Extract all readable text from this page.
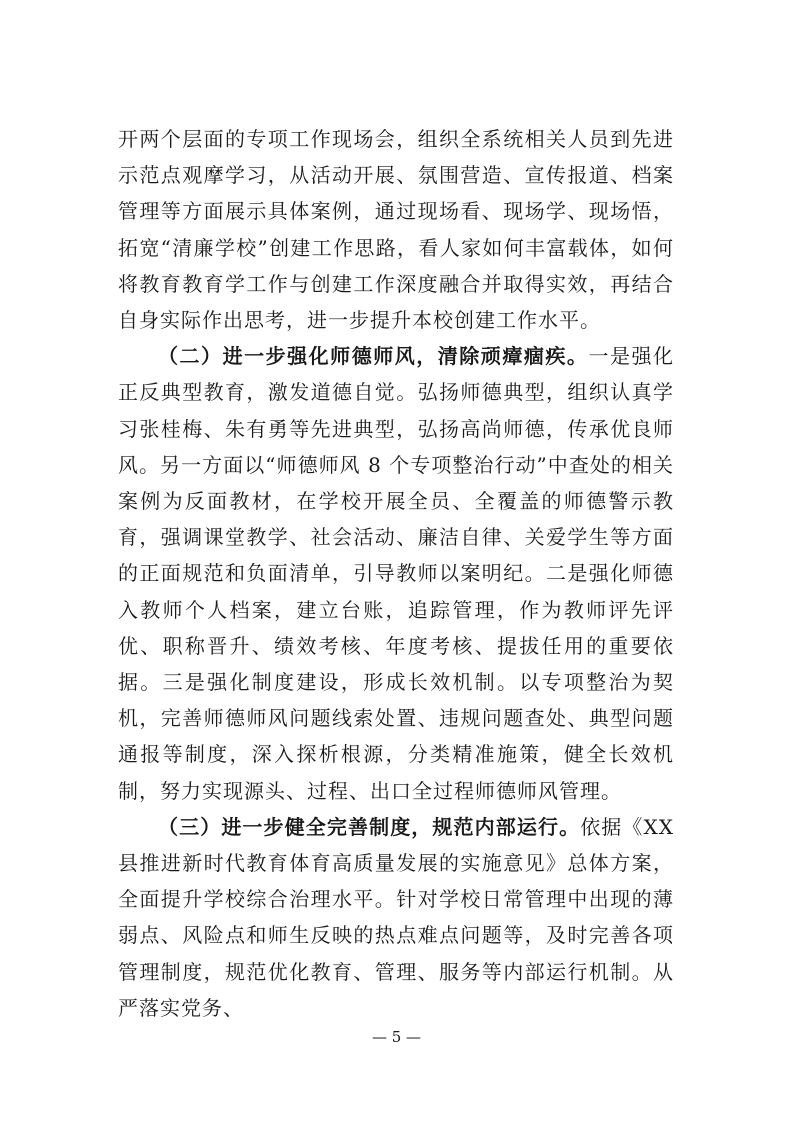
开两个层面的专项工作现场会，组织全系统相关人员到先进示范点观摩学习，从活动开展、氛围营造、宣传报道、档案管理等方面展示具体案例，通过现场看、现场学、现场悟，拓宽“清廉学校”创建工作思路，看人家如何丰富载体，如何将教育教育学工作与创建工作深度融合并取得实效，再结合自身实际作出思考，进一步提升本校创建工作水平。

（二）进一步强化师德师风，清除顽瘴痼疾。一是强化正反典型教育，激发道德自觉。弘扬师德典型，组织认真学习张桂梅、朱有勇等先进典型，弘扬高尚师德，传承优良师风。另一方面以“师德师风 8 个专项整治行动”中查处的相关案例为反面教材，在学校开展全员、全覆盖的师德警示教育，强调课堂教学、社会活动、廉洁自律、关爱学生等方面的正面规范和负面清单，引导教师以案明纪。二是强化师德入教师个人档案，建立台账，追踪管理，作为教师评先评优、职称晋升、绩效考核、年度考核、提拔任用的重要依据。三是强化制度建设，形成长效机制。以专项整治为契机，完善师德师风问题线索处置、违规问题查处、典型问题通报等制度，深入探析根源，分类精准施策，健全长效机制，努力实现源头、过程、出口全过程师德师风管理。

（三）进一步健全完善制度，规范内部运行。依据《XX 县推进新时代教育体育高质量发展的实施意见》总体方案，全面提升学校综合治理水平。针对学校日常管理中出现的薄弱点、风险点和师生反映的热点难点问题等，及时完善各项管理制度，规范优化教育、管理、服务等内部运行机制。从严落实党务、

— 5 —
